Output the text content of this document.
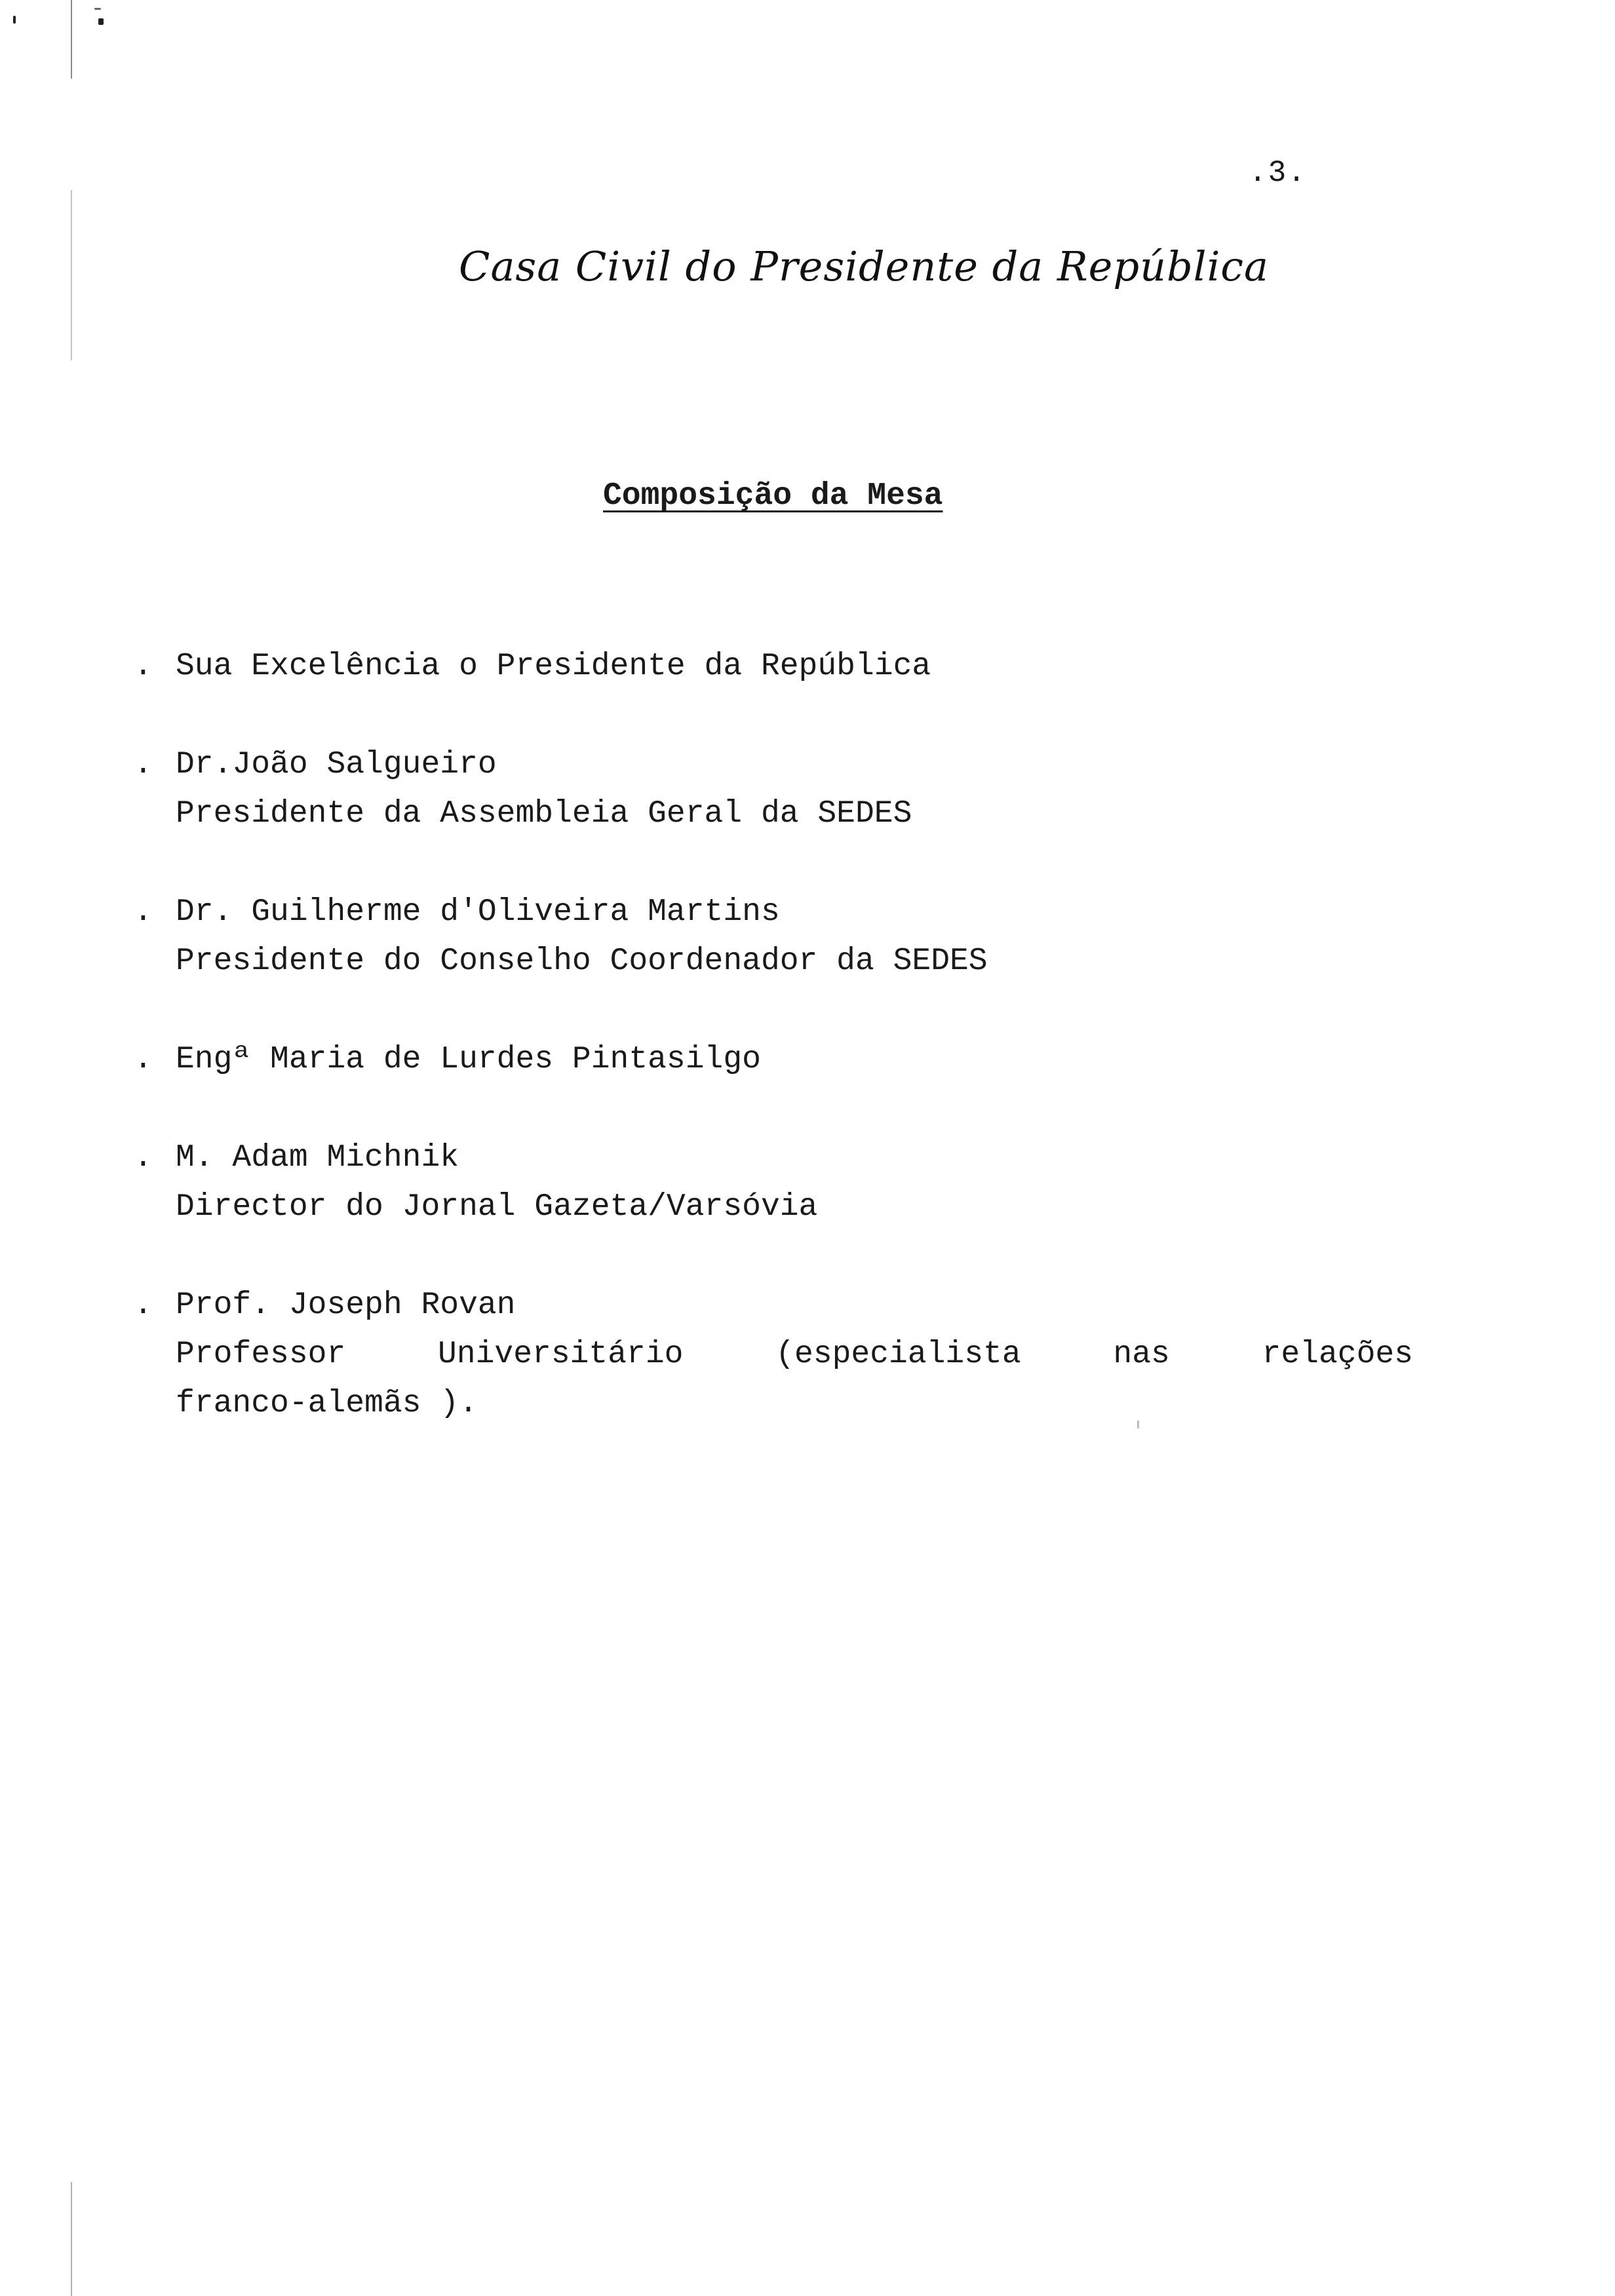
.3.
Casa Civil do Presidente da República
Composição da Mesa
. Sua Excelência o Presidente da República
. Dr.João Salgueiro
Presidente da Assembleia Geral da SEDES
. Dr. Guilherme d'Oliveira Martins
Presidente do Conselho Coordenador da SEDES
. Engª Maria de Lurdes Pintasilgo
. M. Adam Michnik
Director do Jornal Gazeta/Varsóvia
. Prof. Joseph Rovan
Professor	Universitário	(especialista	nas	relações
franco-alemãs ).
